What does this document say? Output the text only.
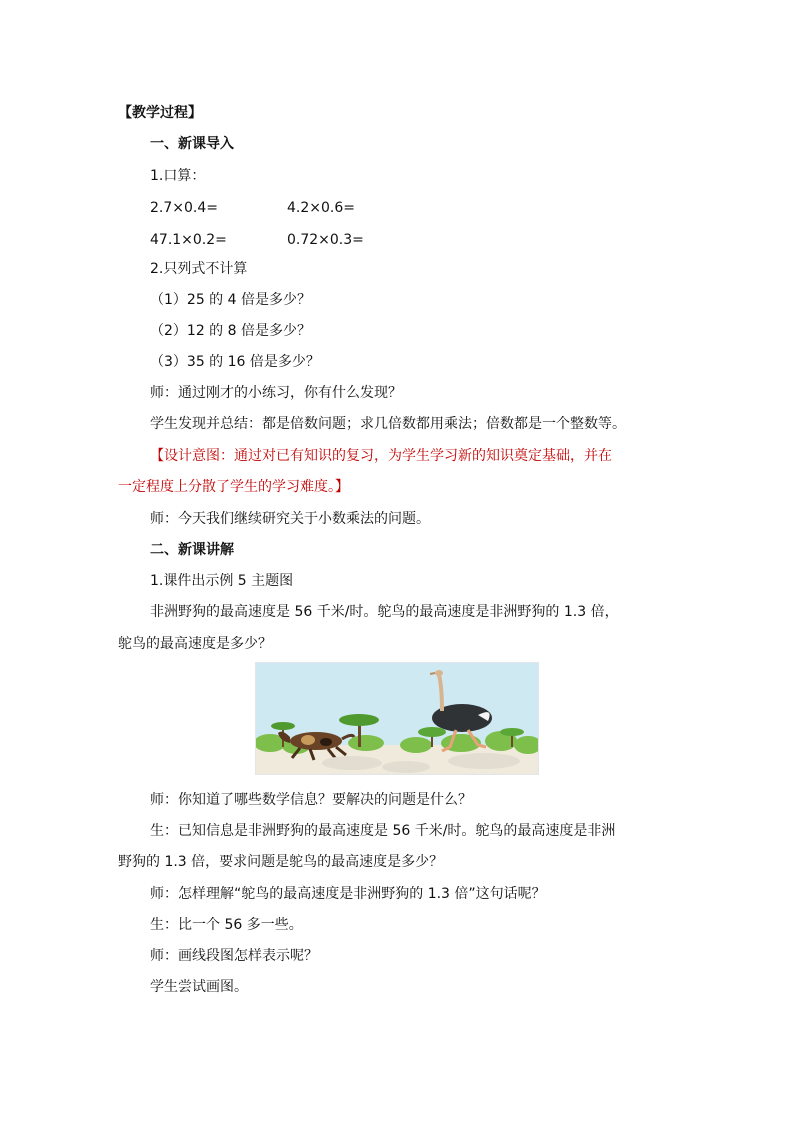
【教学过程】
一、新课导入
1.口算：
2.7×0.4=	4.2×0.6=
47.1×0.2=	0.72×0.3=
2.只列式不计算
（1）25 的 4 倍是多少？
（2）12 的 8 倍是多少？
（3）35 的 16 倍是多少？
师：通过刚才的小练习，你有什么发现？
学生发现并总结：都是倍数问题；求几倍数都用乘法；倍数都是一个整数等。
【设计意图：通过对已有知识的复习，为学生学习新的知识奠定基础，并在
一定程度上分散了学生的学习难度。】
师：今天我们继续研究关于小数乘法的问题。
二、新课讲解
1.课件出示例 5 主题图
非洲野狗的最高速度是 56 千米/时。鸵鸟的最高速度是非洲野狗的 1.3 倍，
鸵鸟的最高速度是多少？
师：你知道了哪些数学信息？要解决的问题是什么？
生：已知信息是非洲野狗的最高速度是 56 千米/时。鸵鸟的最高速度是非洲
野狗的 1.3 倍，要求问题是鸵鸟的最高速度是多少？
师：怎样理解“鸵鸟的最高速度是非洲野狗的 1.3 倍”这句话呢？
生：比一个 56 多一些。
师：画线段图怎样表示呢？
学生尝试画图。
